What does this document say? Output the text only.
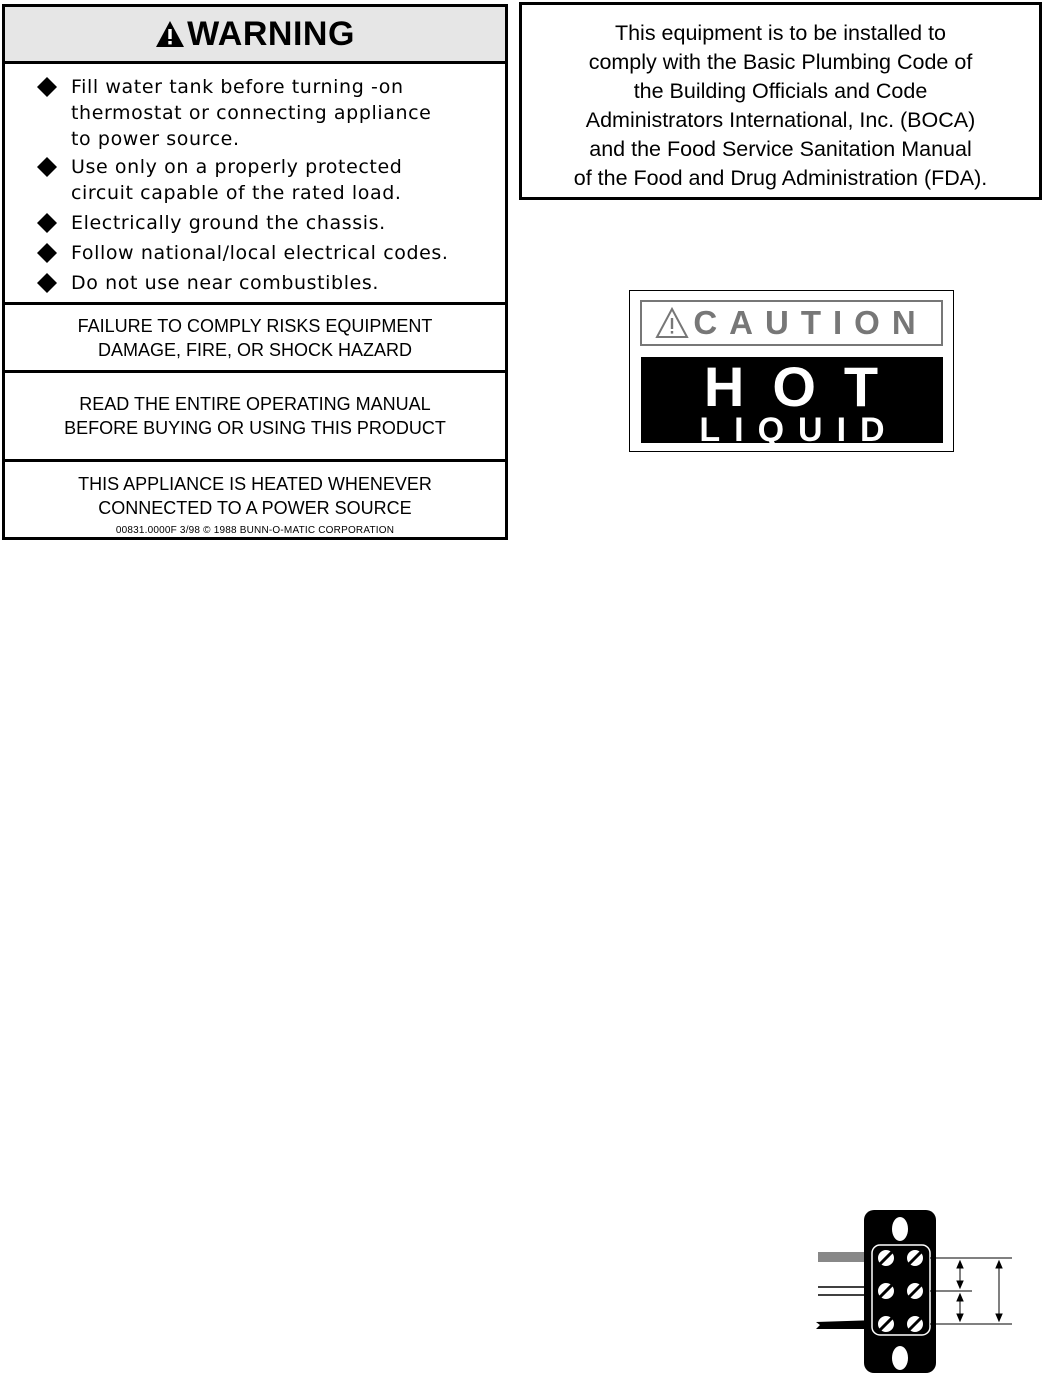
WARNING
Fill water tank before turning -on
thermostat or connecting appliance
to power source.
Use only on a properly protected
circuit capable of the rated load.
Electrically ground the chassis.
Follow national/local electrical codes.
Do not use near combustibles.
FAILURE TO COMPLY RISKS EQUIPMENT
DAMAGE, FIRE, OR SHOCK HAZARD
READ THE ENTIRE OPERATING MANUAL
BEFORE BUYING OR USING THIS PRODUCT
THIS APPLIANCE IS HEATED WHENEVER
CONNECTED TO A POWER SOURCE
00831.0000F 3/98 © 1988 BUNN-O-MATIC CORPORATION
This equipment is to be installed to
comply with the Basic Plumbing Code of
the Building Officials and Code
Administrators International, Inc. (BOCA)
and the Food Service Sanitation Manual
of the Food and Drug Administration (FDA).
CAUTION
HOT
LIQUID
